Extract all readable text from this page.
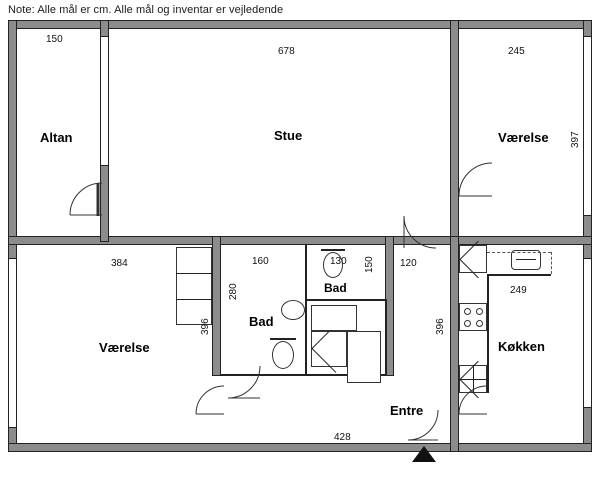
Note: Alle mål er cm. Alle mål og inventar er vejledende
Altan	Stue	Værelse
Værelse
Bad
Bad
Køkken
Entre
150
678	245
397
384	160	130 150	120
249
396
280
396
428
